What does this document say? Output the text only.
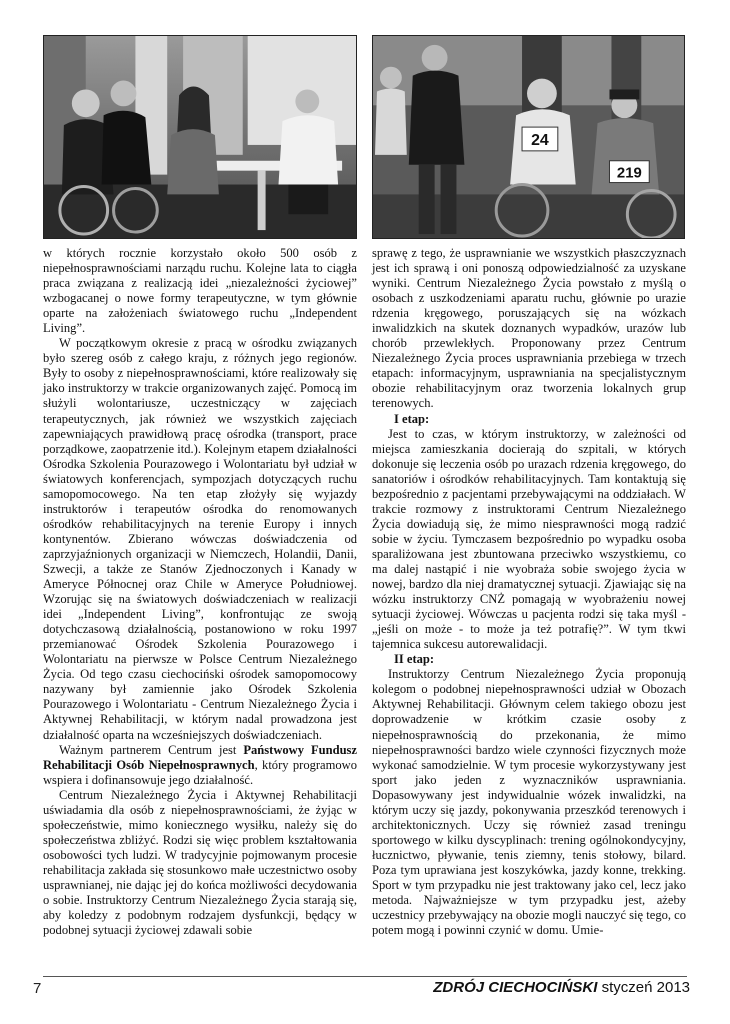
24
219

w których rocznie korzystało około 500 osób z niepełnosprawnościami narządu ruchu. Kolejne lata to ciągła praca związana z realizacją idei „niezależności życiowej” wzbogacanej o nowe formy terapeutyczne, w tym głównie oparte na założeniach światowego ruchu „Independent Living”.

W początkowym okresie z pracą w ośrodku związanych było szereg osób z całego kraju, z różnych jego regionów. Były to osoby z niepełnosprawnościami, które realizowały się jako instruktorzy w trakcie organizowanych zajęć. Pomocą im służyli wolontariusze, uczestniczący w zajęciach terapeutycznych, jak również we wszystkich zajęciach zapewniających prawidłową pracę ośrodka (transport, prace porządkowe, zaopatrzenie itd.). Kolejnym etapem działalności Ośrodka Szkolenia Pourazowego i Wolontariatu był udział w światowych konferencjach, sympozjach dotyczących ruchu samopomocowego. Na ten etap złożyły się wyjazdy instruktorów i terapeutów ośrodka do renomowanych ośrodków rehabilitacyjnych na terenie Europy i innych kontynentów. Zbierano wówczas doświadczenia od zaprzyjaźnionych organizacji w Niemczech, Holandii, Danii, Szwecji, a także ze Stanów Zjednoczonych i Kanady w Ameryce Północnej oraz Chile w Ameryce Południowej. Wzorując się na światowych doświadczeniach w realizacji idei „Independent Living”, konfrontując ze swoją dotychczasową działalnością, postanowiono w roku 1997 przemianować Ośrodek Szkolenia Pourazowego i Wolontariatu na pierwsze w Polsce Centrum Niezależnego Życia. Od tego czasu ciechociński ośrodek samopomocowy nazywany był zamiennie jako Ośrodek Szkolenia Pourazowego i Wolontariatu - Centrum Niezależnego Życia i Aktywnej Rehabilitacji, w którym nadal prowadzona jest działalność oparta na wcześniejszych doświadczeniach.

Ważnym partnerem Centrum jest Państwowy Fundusz Rehabilitacji Osób Niepełnosprawnych, który programowo wspiera i dofinansowuje jego działalność.

Centrum Niezależnego Życia i Aktywnej Rehabilitacji uświadamia dla osób z niepełnosprawnościami, że żyjąc w społeczeństwie, mimo koniecznego wysiłku, należy się do społeczeństwa zbliżyć. Rodzi się więc problem kształtowania osobowości tych ludzi. W tradycyjnie pojmowanym procesie rehabilitacja zakłada się stosunkowo małe uczestnictwo osoby usprawnianej, nie dając jej do końca możliwości decydowania o sobie. Instruktorzy Centrum Niezależnego Życia starają się, aby koledzy z podobnym rodzajem dysfunkcji, będący w podobnej sytuacji życiowej zdawali sobie

sprawę z tego, że usprawnianie we wszystkich płaszczyznach jest ich sprawą i oni ponoszą odpowiedzialność za uzyskane wyniki. Centrum Niezależnego Życia powstało z myślą o osobach z uszkodzeniami aparatu ruchu, głównie po urazie rdzenia kręgowego, poruszających się na wózkach inwalidzkich na skutek doznanych wypadków, urazów lub chorób przewlekłych. Proponowany przez Centrum Niezależnego Życia proces usprawniania przebiega w trzech etapach: informacyjnym, usprawniania na specjalistycznym obozie rehabilitacyjnym oraz tworzenia lokalnych grup terenowych.

I etap:

Jest to czas, w którym instruktorzy, w zależności od miejsca zamieszkania docierają do szpitali, w których dokonuje się leczenia osób po urazach rdzenia kręgowego, do sanatoriów i ośrodków rehabilitacyjnych. Tam kontaktują się bezpośrednio z pacjentami przebywającymi na oddziałach. W trakcie rozmowy z instruktorami Centrum Niezależnego Życia dowiadują się, że mimo niesprawności mogą radzić sobie w życiu. Tymczasem bezpośrednio po wypadku osoba sparaliżowana jest zbuntowana przeciwko wszystkiemu, co ma dalej nastąpić i nie wyobraża sobie swojego życia w nowej, bardzo dla niej dramatycznej sytuacji. Zjawiając się na wózku instruktorzy CNŻ pomagają w wyobrażeniu nowej sytuacji życiowej. Wówczas u pacjenta rodzi się taka myśl - „jeśli on może - to może ja też potrafię?”. W tym tkwi tajemnica sukcesu autorewalidacji.

II etap:

Instruktorzy Centrum Niezależnego Życia proponują kolegom o podobnej niepełnosprawności udział w Obozach Aktywnej Rehabilitacji. Głównym celem takiego obozu jest doprowadzenie w krótkim czasie osoby z niepełnosprawnością do przekonania, że mimo niepełnosprawności bardzo wiele czynności fizycznych może wykonać samodzielnie. W tym procesie wykorzystywany jest sport jako jeden z wyznaczników usprawniania. Dopasowywany jest indywidualnie wózek inwalidzki, na którym uczy się jazdy, pokonywania przeszkód terenowych i architektonicznych. Uczy się również zasad treningu sportowego w kilku dyscyplinach: trening ogólnokondycyjny, łucznictwo, pływanie, tenis ziemny, tenis stołowy, bilard. Poza tym uprawiana jest koszykówka, jazdy konne, trekking. Sport w tym przypadku nie jest traktowany jako cel, lecz jako metoda. Najważniejsze w tym przypadku jest, ażeby uczestnicy przebywający na obozie mogli nauczyć się tego, co potem mogą i powinni czynić w domu. Umie-

7	ZDRÓJ CIECHOCIŃSKI styczeń 2013
